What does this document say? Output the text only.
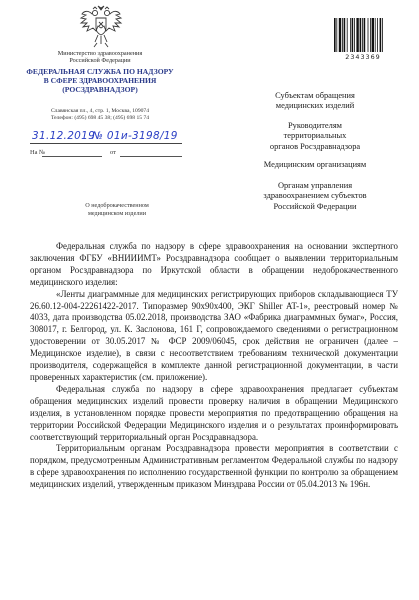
Министерство здравоохранения
Российской Федерации

ФЕДЕРАЛЬНАЯ СЛУЖБА ПО НАДЗОРУ
В СФЕРЕ ЗДРАВООХРАНЕНИЯ
(РОСЗДРАВНАДЗОР)

Славянская пл., 4, стр. 1, Москва, 109074
Телефон: (495) 698 45 38; (495) 698 15 74

31.12.2019
№ 01и-3198/19
На №	от

О недоброкачественном
медицинском изделии

2343369

Субъектам обращения
медицинских изделий

Руководителям
территориальных
органов Росздравнадзора

Медицинским организациям

Органам управления
здравоохранением субъектов
Российской Федерации

Федеральная служба по надзору в сфере здравоохранения на основании экспертного заключения ФГБУ «ВНИИИМТ» Росздравнадзора сообщает о выявлении территориальным органом Росздравнадзора по Иркутской области в обращении недоброкачественного медицинского изделия:

«Ленты диаграммные для медицинских регистрирующих приборов складывающиеся ТУ 26.60.12-004-22261422-2017. Типоразмер 90х90х400, ЭКГ Shiller AT-1», реестровый номер № 4033, дата производства 05.02.2018, производства ЗАО «Фабрика диаграммных бумаг», Россия, 308017, г. Белгород, ул. К. Заслонова, 161 Г, сопровождаемого сведениями о регистрационном удостоверении от 30.05.2017 № ФСР 2009/06045, срок действия не ограничен (далее – Медицинское изделие), в связи с несоответствием требованиям технической документации производителя, содержащейся в комплекте данной регистрационной документации, в части проверенных характеристик (см. приложение).

Федеральная служба по надзору в сфере здравоохранения предлагает субъектам обращения медицинских изделий провести проверку наличия в обращении Медицинского изделия, в установленном порядке провести мероприятия по предотвращению обращения на территории Российской Федерации Медицинского изделия и о результатах проинформировать соответствующий территориальный орган Росздравнадзора.

Территориальным органам Росздравнадзора провести мероприятия в соответствии с порядком, предусмотренным Административным регламентом Федеральной службы по надзору в сфере здравоохранения по исполнению государственной функции по контролю за обращением медицинских изделий, утвержденным приказом Минздрава России от 05.04.2013 № 196н.
